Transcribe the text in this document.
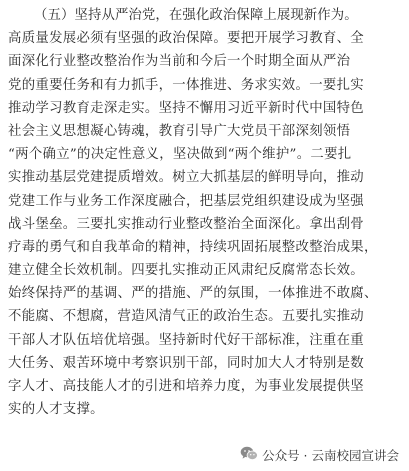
（五）坚持从严治党，在强化政治保障上展现新作为。
高质量发展必须有坚强的政治保障。要把开展学习教育、全
面深化行业整改整治作为当前和今后一个时期全面从严治
党的重要任务和有力抓手，一体推进、务求实效。一要扎实
推动学习教育走深走实。坚持不懈用习近平新时代中国特色
社会主义思想凝心铸魂，教育引导广大党员干部深刻领悟
“两个确立”的决定性意义，坚决做到“两个维护”。二要扎
实推动基层党建提质增效。树立大抓基层的鲜明导向，推动
党建工作与业务工作深度融合，把基层党组织建设成为坚强
战斗堡垒。三要扎实推动行业整改整治全面深化。拿出刮骨
疗毒的勇气和自我革命的精神，持续巩固拓展整改整治成果，
建立健全长效机制。四要扎实推动正风肃纪反腐常态长效。
始终保持严的基调、严的措施、严的氛围，一体推进不敢腐、
不能腐、不想腐，营造风清气正的政治生态。五要扎实推动
干部人才队伍培优培强。坚持新时代好干部标准，注重在重
大任务、艰苦环境中考察识别干部，同时加大人才特别是数
字人才、高技能人才的引进和培养力度，为事业发展提供坚
实的人才支撑。
公众号 · 云南校园宣讲会
